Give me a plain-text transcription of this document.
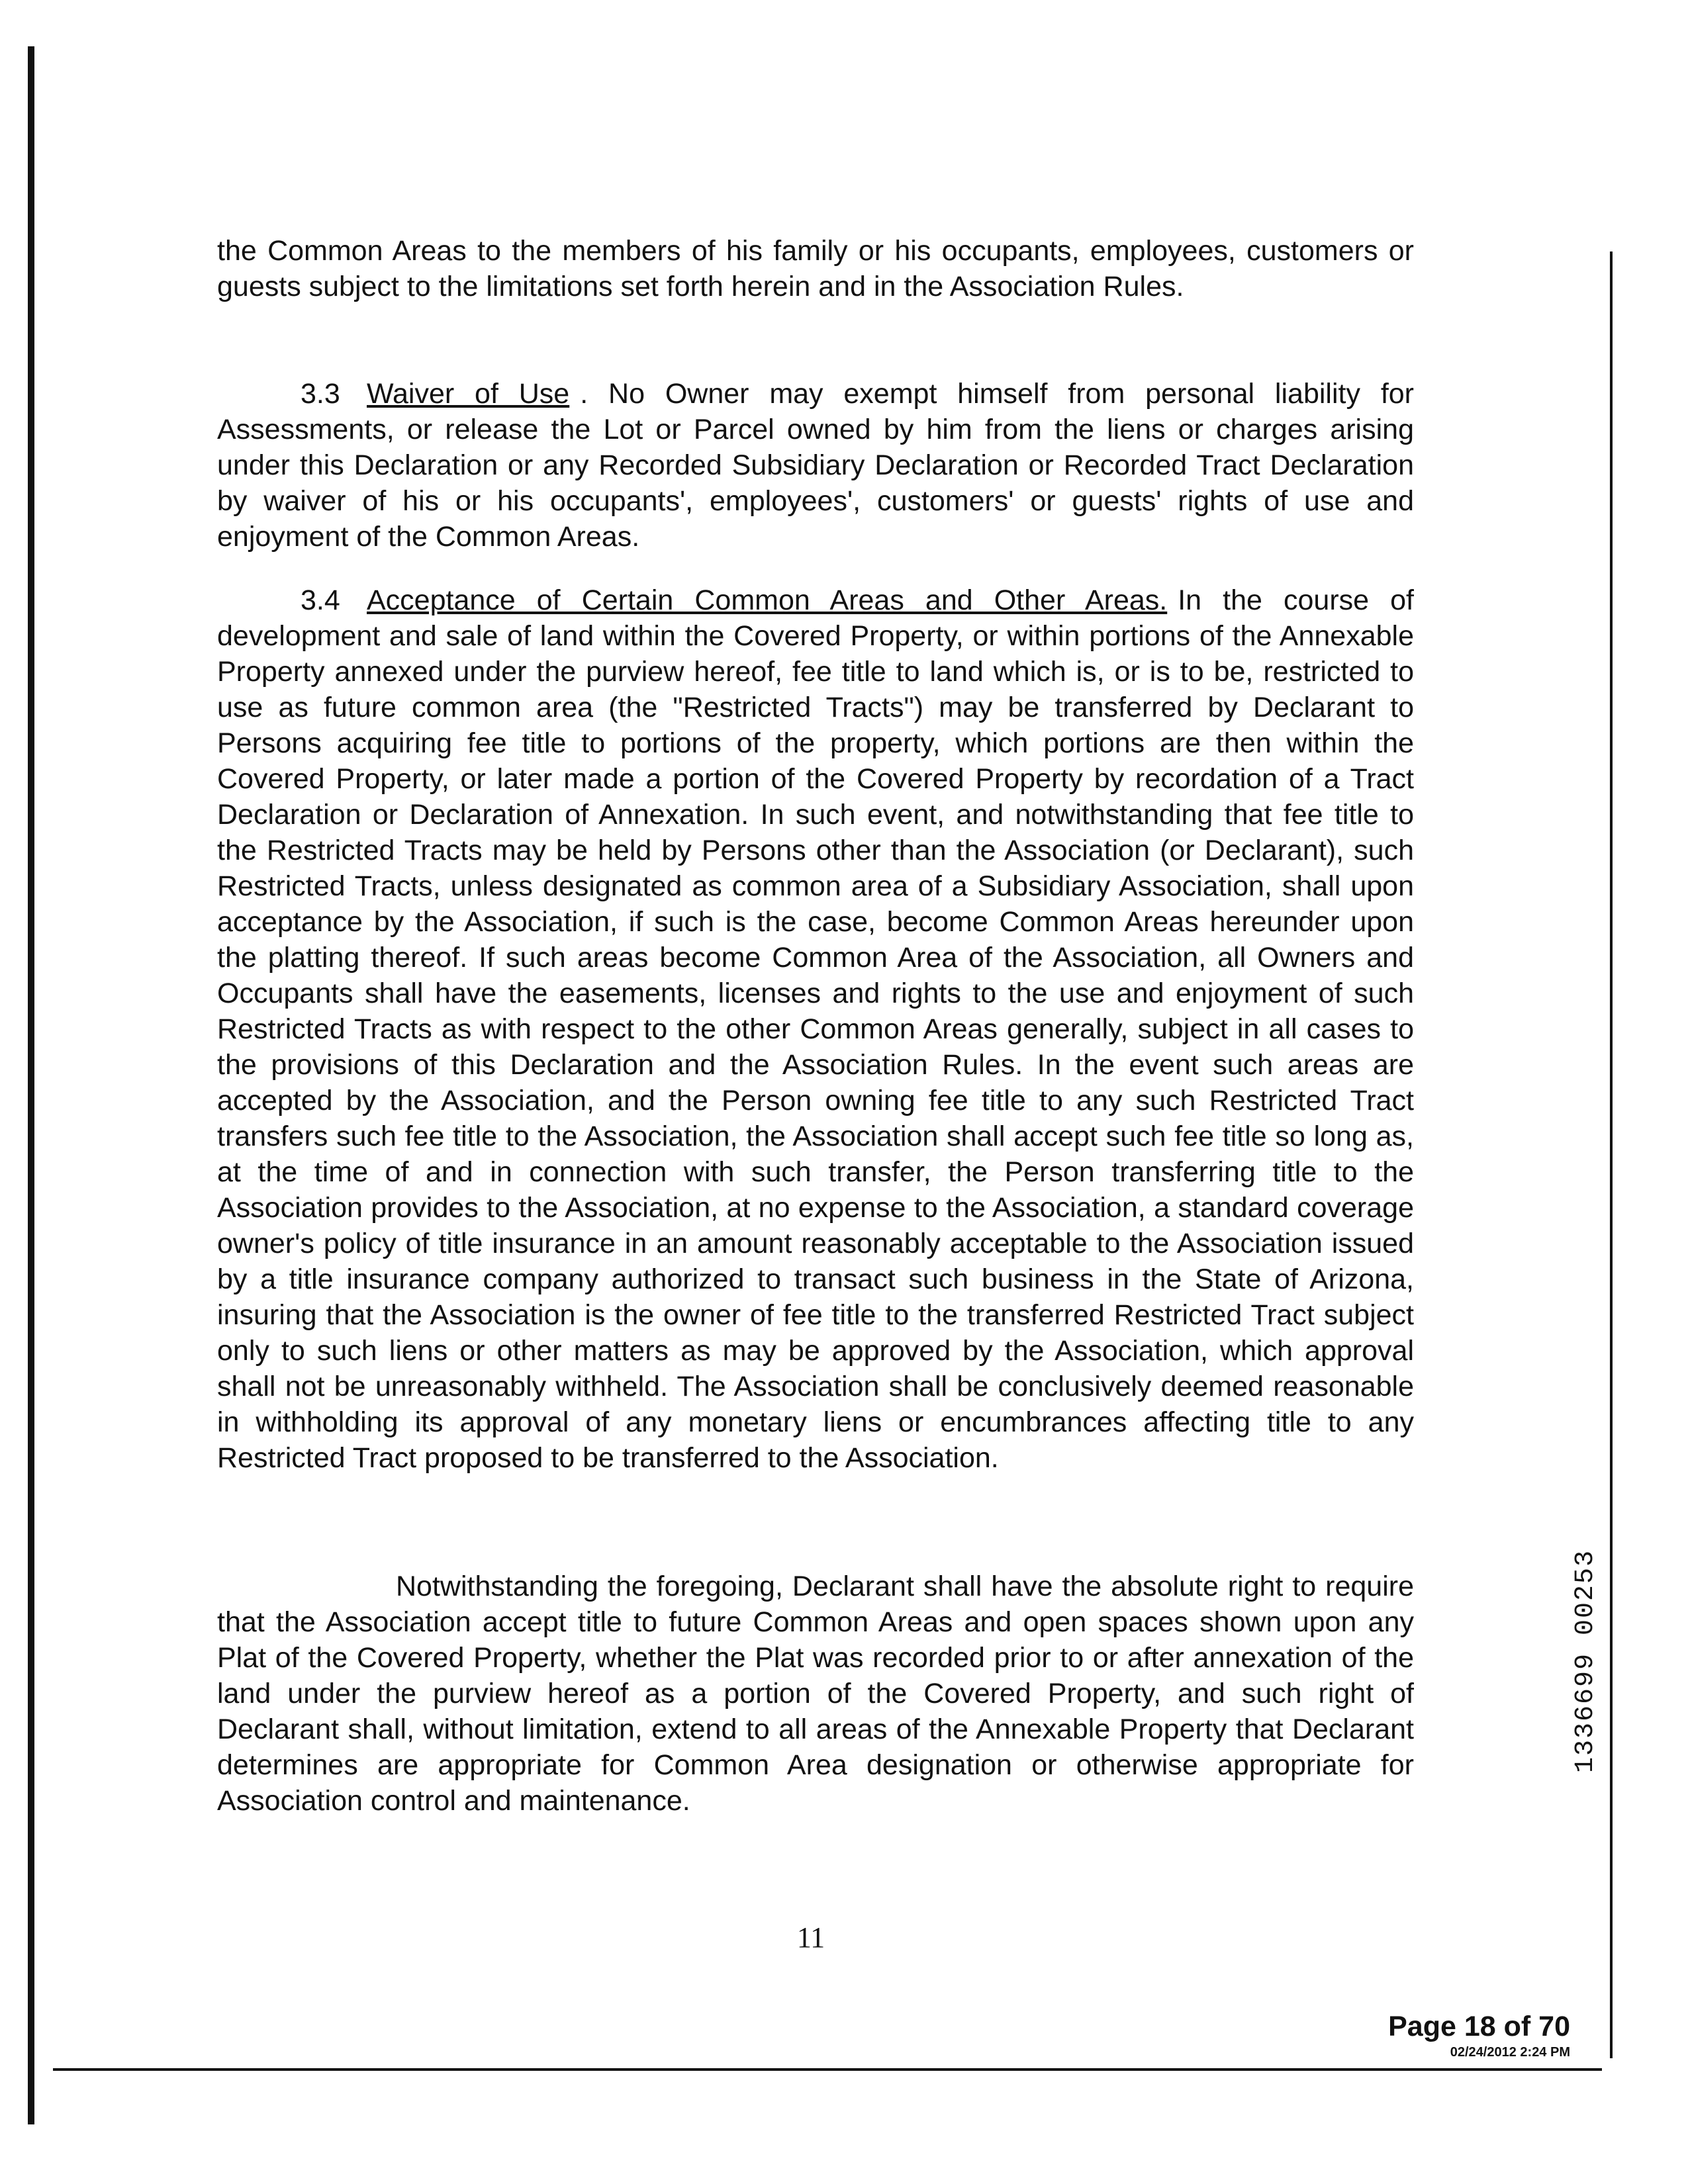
the Common Areas to the members of his family or his occupants, employees, customers or guests subject to the limitations set forth herein and in the Association Rules.

3.3 Waiver of Use . No Owner may exempt himself from personal liability for Assessments, or release the Lot or Parcel owned by him from the liens or charges arising under this Declaration or any Recorded Subsidiary Declaration or Recorded Tract Declaration by waiver of his or his occupants', employees', customers' or guests' rights of use and enjoyment of the Common Areas.

3.4 Acceptance of Certain Common Areas and Other Areas. In the course of development and sale of land within the Covered Property, or within portions of the Annexable Property annexed under the purview hereof, fee title to land which is, or is to be, restricted to use as future common area (the "Restricted Tracts") may be transferred by Declarant to Persons acquiring fee title to portions of the property, which portions are then within the Covered Property, or later made a portion of the Covered Property by recordation of a Tract Declaration or Declaration of Annexation. In such event, and notwithstanding that fee title to the Restricted Tracts may be held by Persons other than the Association (or Declarant), such Restricted Tracts, unless designated as common area of a Subsidiary Association, shall upon acceptance by the Association, if such is the case, become Common Areas hereunder upon the platting thereof. If such areas become Common Area of the Association, all Owners and Occupants shall have the easements, licenses and rights to the use and enjoyment of such Restricted Tracts as with respect to the other Common Areas generally, subject in all cases to the provisions of this Declaration and the Association Rules. In the event such areas are accepted by the Association, and the Person owning fee title to any such Restricted Tract transfers such fee title to the Association, the Association shall accept such fee title so long as, at the time of and in connection with such transfer, the Person transferring title to the Association provides to the Association, at no expense to the Association, a standard coverage owner's policy of title insurance in an amount reasonably acceptable to the Association issued by a title insurance company authorized to transact such business in the State of Arizona, insuring that the Association is the owner of fee title to the transferred Restricted Tract subject only to such liens or other matters as may be approved by the Association, which approval shall not be unreasonably withheld. The Association shall be conclusively deemed reasonable in withholding its approval of any monetary liens or encumbrances affecting title to any Restricted Tract proposed to be transferred to the Association.

Notwithstanding the foregoing, Declarant shall have the absolute right to require that the Association accept title to future Common Areas and open spaces shown upon any Plat of the Covered Property, whether the Plat was recorded prior to or after annexation of the land under the purview hereof as a portion of the Covered Property, and such right of Declarant shall, without limitation, extend to all areas of the Annexable Property that Declarant determines are appropriate for Common Area designation or otherwise appropriate for Association control and maintenance.

11
1336699 00253
Page 18 of 70
02/24/2012 2:24 PM
